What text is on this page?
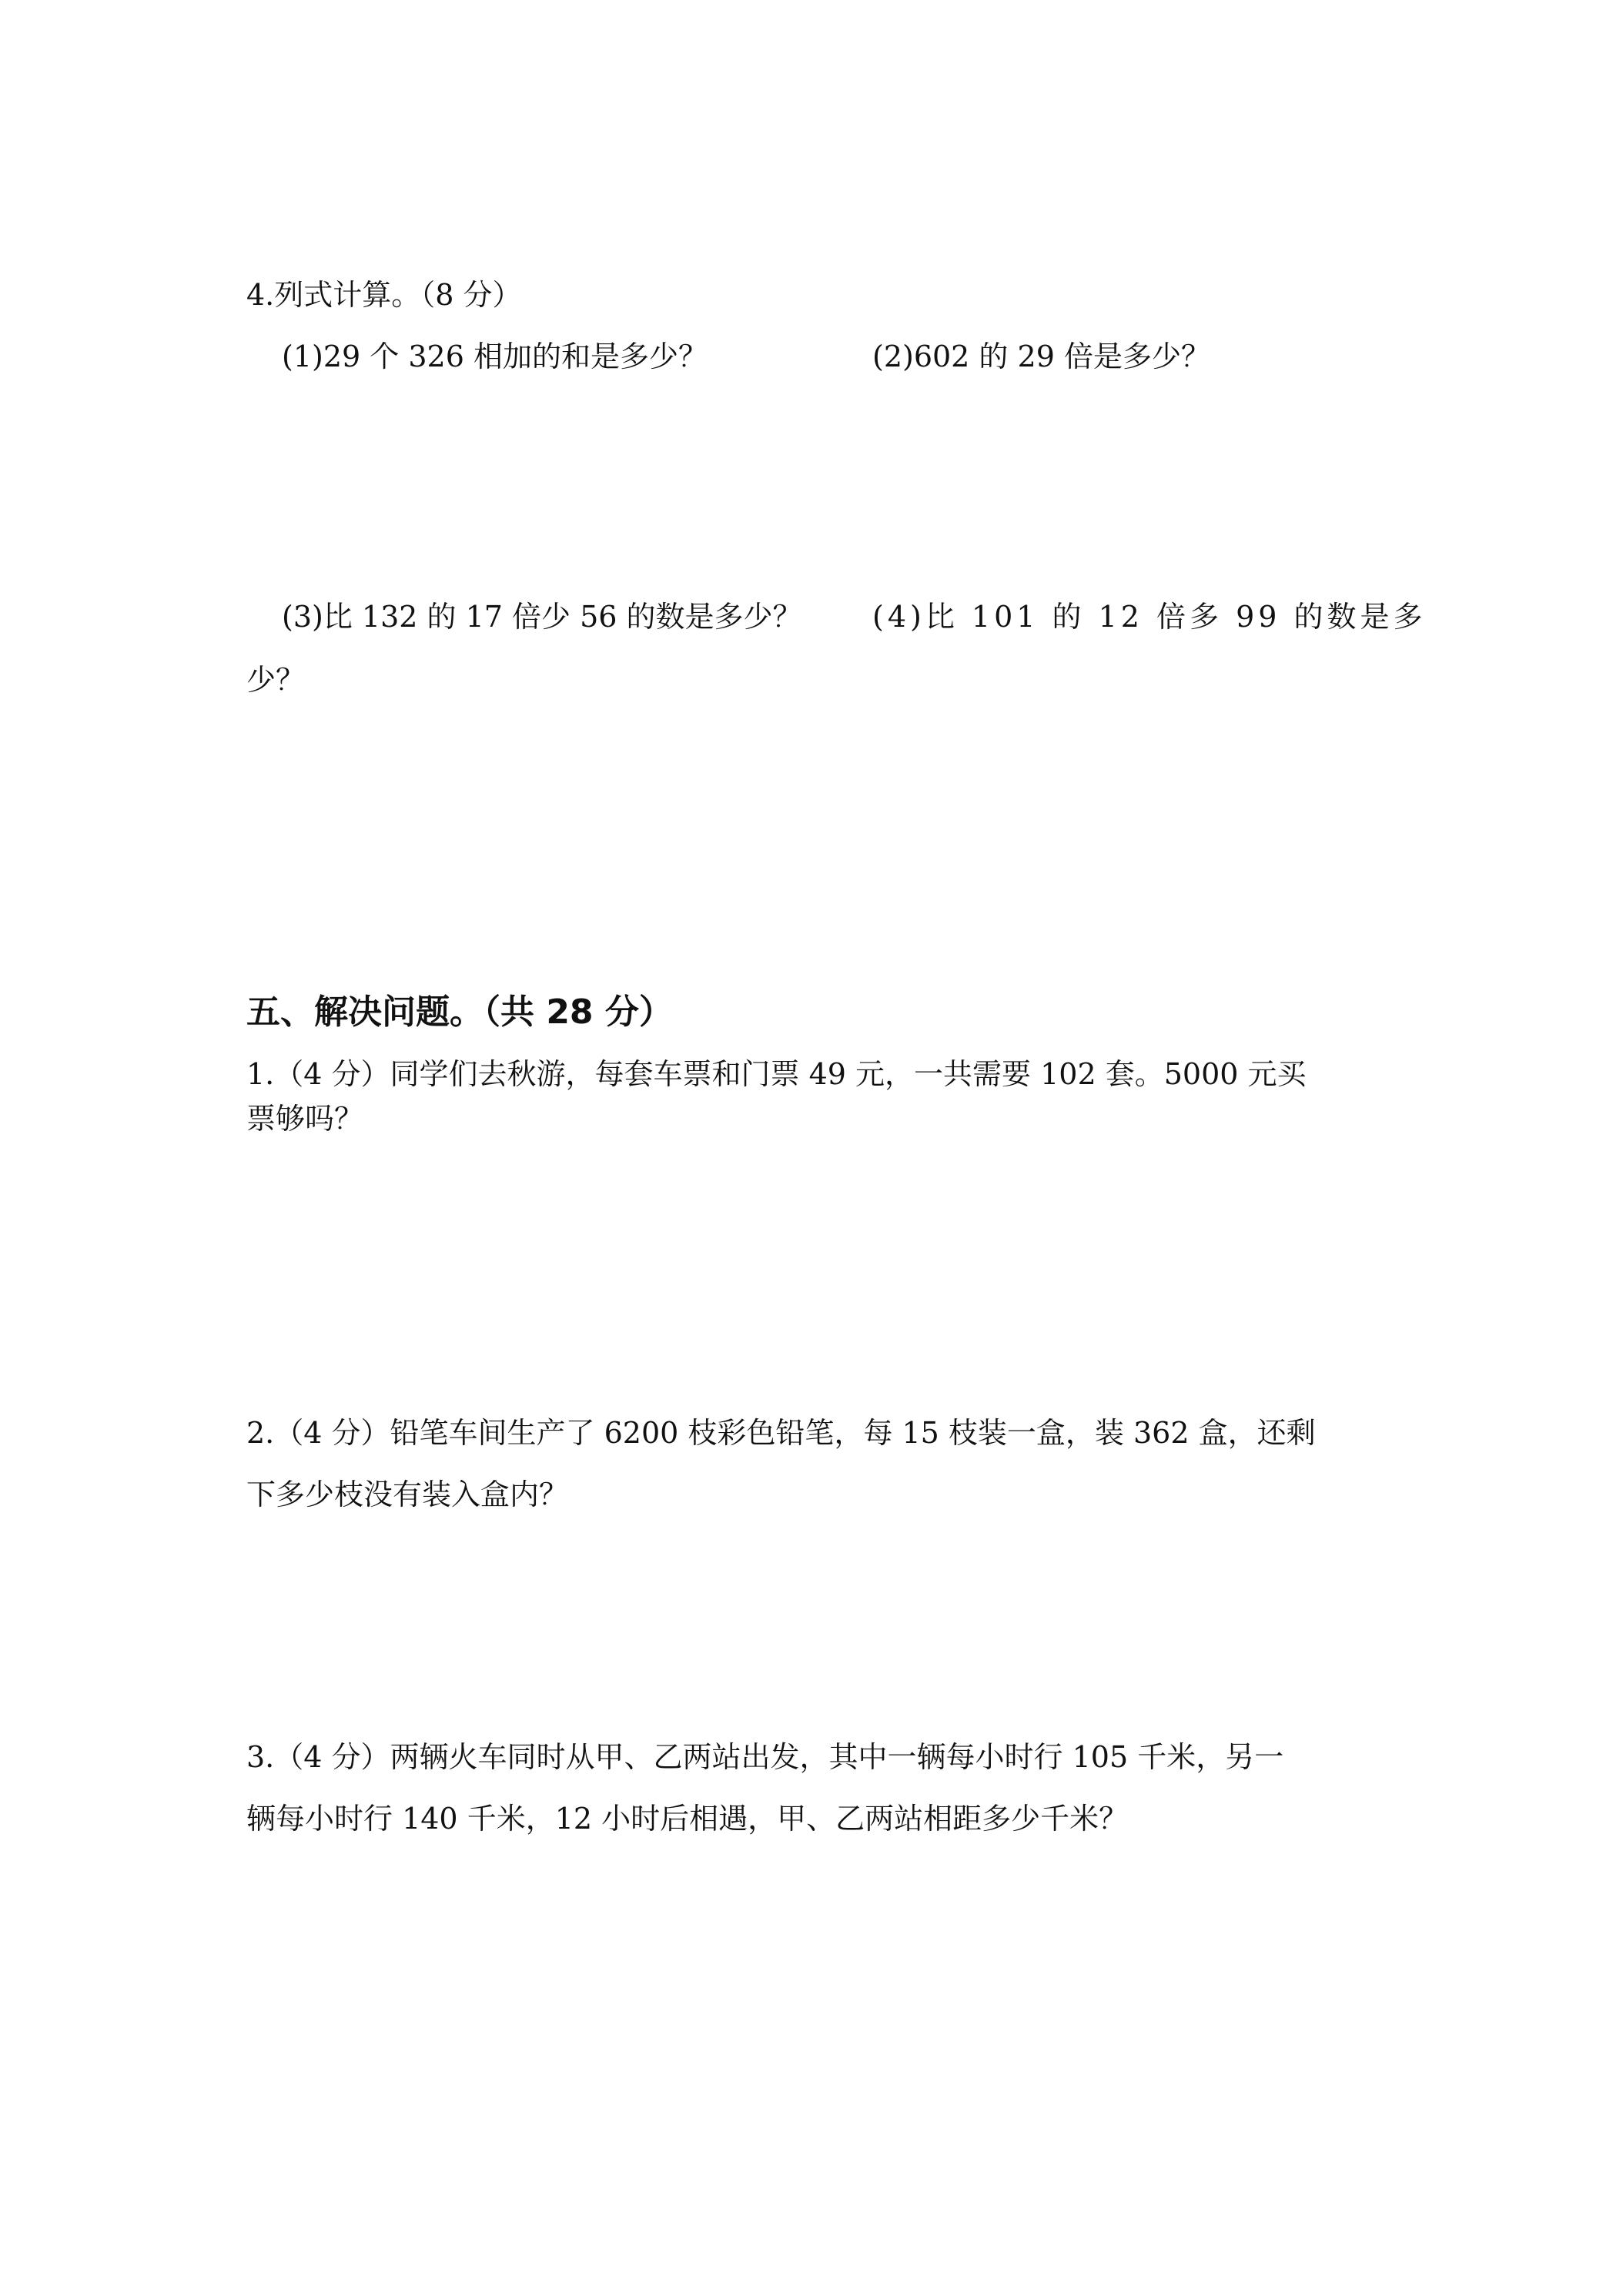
4.列式计算。（8 分）
(1)29 个 326 相加的和是多少？	(2)602 的 29 倍是多少？
(3)比 132 的 17 倍少 56 的数是多少？ (4)比 101 的 12 倍多 99 的数是多
少？
五、解决问题。（共 28 分）
1.（4 分）同学们去秋游，每套车票和门票 49 元，一共需要 102 套。5000 元买
票够吗？
2.（4 分）铅笔车间生产了 6200 枝彩色铅笔，每 15 枝装一盒，装 362 盒，还剩
下多少枝没有装入盒内？
3.（4 分）两辆火车同时从甲、乙两站出发，其中一辆每小时行 105 千米，另一
辆每小时行 140 千米，12 小时后相遇，甲、乙两站相距多少千米？
